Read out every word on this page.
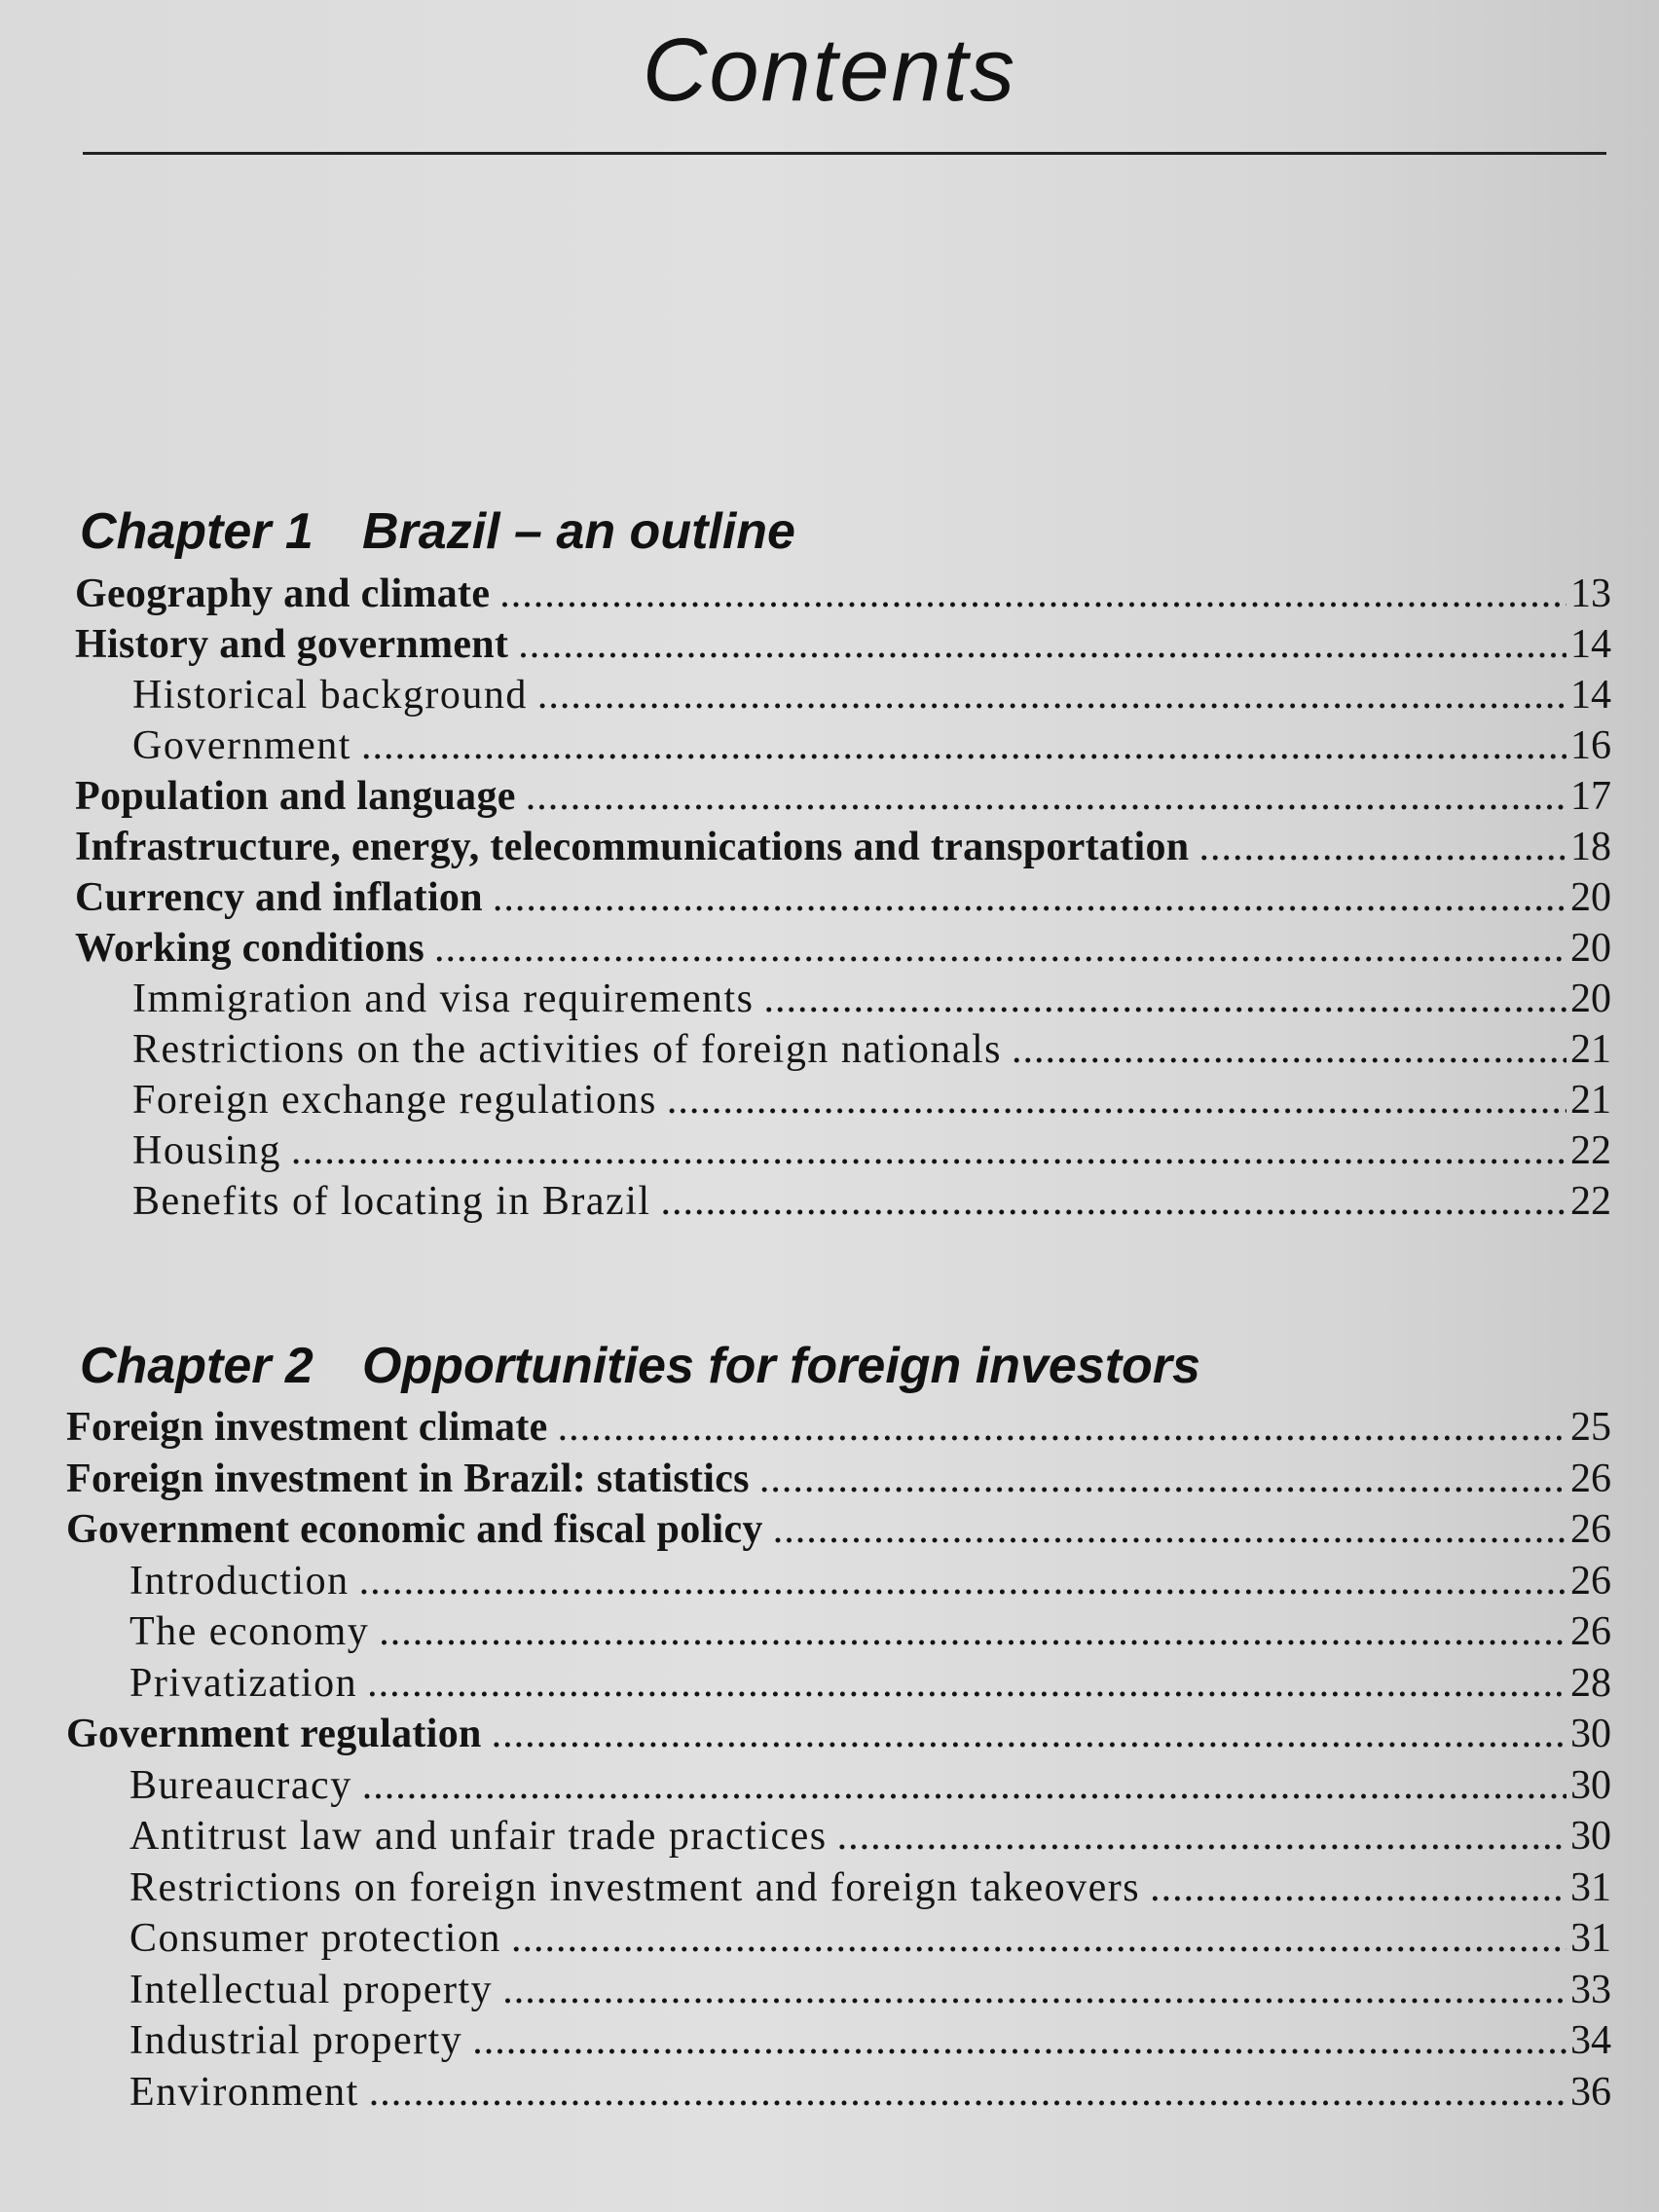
Contents
Chapter 1 Brazil – an outline
Geography and climate .....	13
History and government .....	14
Historical background .....	14
Government .....	16
Population and language .....	17
Infrastructure, energy, telecommunications and transportation .....	18
Currency and inflation .....	20
Working conditions .....	20
Immigration and visa requirements .....	20
Restrictions on the activities of foreign nationals .....	21
Foreign exchange regulations .....	21
Housing .....	22
Benefits of locating in Brazil .....	22
Chapter 2 Opportunities for foreign investors
Foreign investment climate .....	25
Foreign investment in Brazil: statistics .....	26
Government economic and fiscal policy .....	26
Introduction .....	26
The economy .....	26
Privatization .....	28
Government regulation .....	30
Bureaucracy .....	30
Antitrust law and unfair trade practices .....	30
Restrictions on foreign investment and foreign takeovers .....	31
Consumer protection .....	31
Intellectual property .....	33
Industrial property .....	34
Environment .....	36
